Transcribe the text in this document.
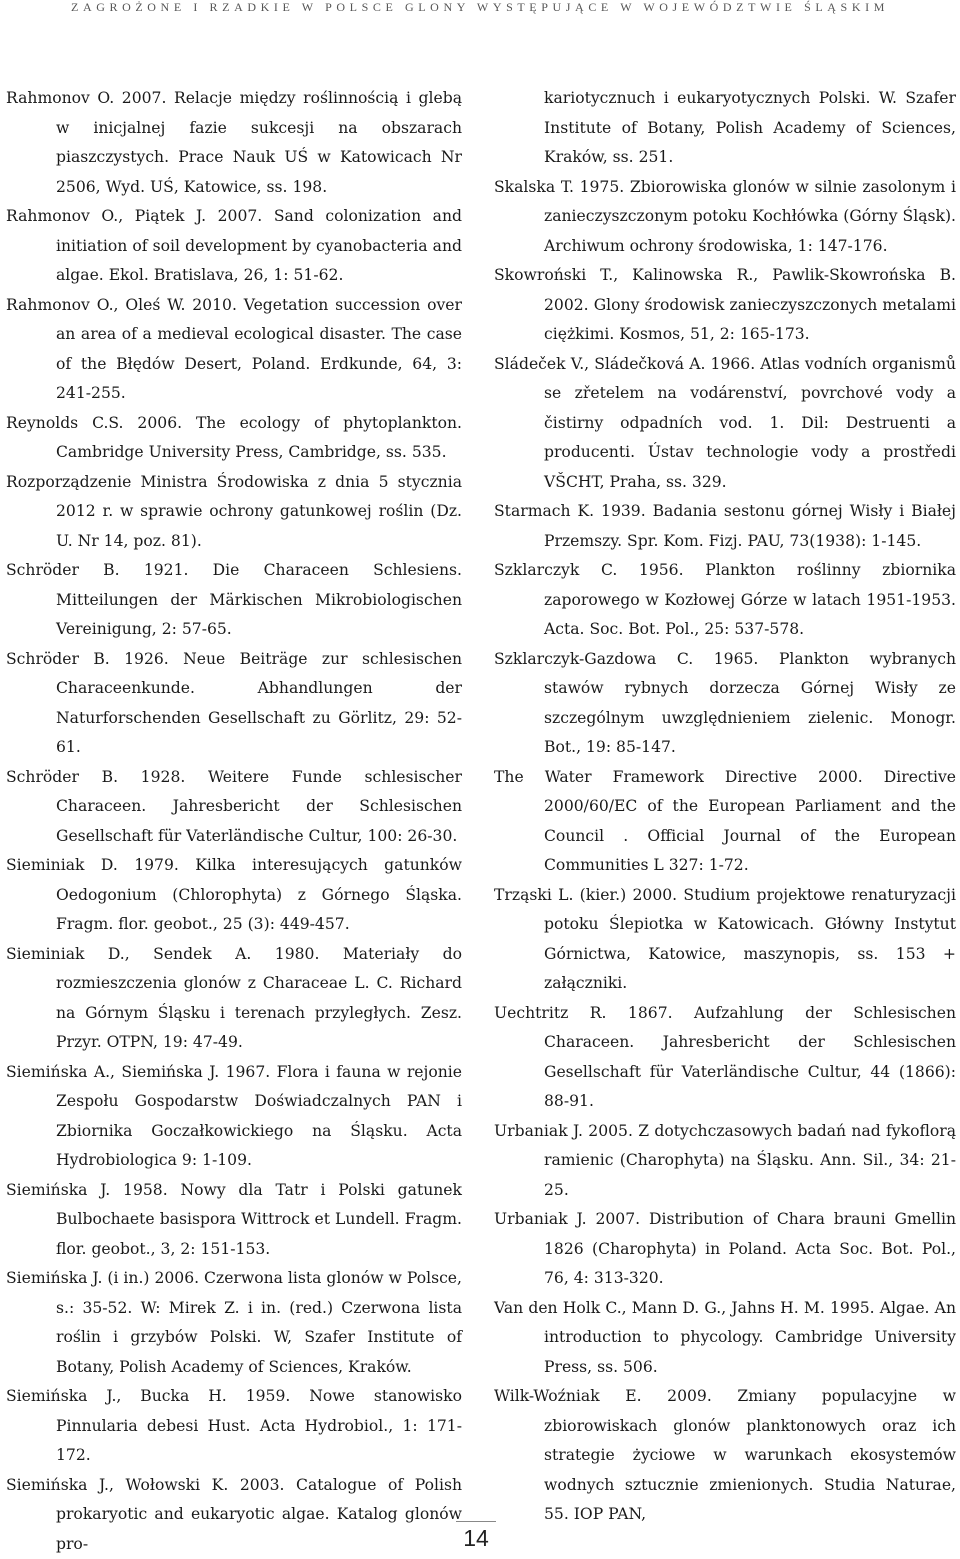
ZAGROŻONE I RZADKIE W POLSCE GLONY WYSTĘPUJĄCE W WOJEWÓDZTWIE ŚLĄSKIM

Rahmonov O. 2007. Relacje między roślinnością i glebą w inicjalnej fazie sukcesji na obszarach piaszczystych. Prace Nauk UŚ w Katowicach Nr 2506, Wyd. UŚ, Katowice, ss. 198.

Rahmonov O., Piątek J. 2007. Sand colonization and initiation of soil development by cyanobacteria and algae. Ekol. Bratislava, 26, 1: 51-62.

Rahmonov O., Oleś W. 2010. Vegetation succession over an area of a medieval ecological disaster. The case of the Błędów Desert, Poland. Erdkunde, 64, 3: 241-255.

Reynolds C.S. 2006. The ecology of phytoplankton. Cambridge University Press, Cambridge, ss. 535.

Rozporządzenie Ministra Środowiska z dnia 5 stycznia 2012 r. w sprawie ochrony gatunkowej roślin (Dz. U. Nr 14, poz. 81).

Schröder B. 1921. Die Characeen Schlesiens. Mitteilungen der Märkischen Mikrobiologischen Vereinigung, 2: 57-65.

Schröder B. 1926. Neue Beiträge zur schlesischen Characeenkunde. Abhandlungen der Naturforschenden Gesellschaft zu Görlitz, 29: 52-61.

Schröder B. 1928. Weitere Funde schlesischer Characeen. Jahresbericht der Schlesischen Gesellschaft für Vaterländische Cultur, 100: 26-30.

Sieminiak D. 1979. Kilka interesujących gatunków Oedogonium (Chlorophyta) z Górnego Śląska. Fragm. flor. geobot., 25 (3): 449-457.

Sieminiak D., Sendek A. 1980. Materiały do rozmieszczenia glonów z Characeae L. C. Richard na Górnym Śląsku i terenach przyległych. Zesz. Przyr. OTPN, 19: 47-49.

Siemińska A., Siemińska J. 1967. Flora i fauna w rejonie Zespołu Gospodarstw Doświadczalnych PAN i Zbiornika Goczałkowickiego na Śląsku. Acta Hydrobiologica 9: 1-109.

Siemińska J. 1958. Nowy dla Tatr i Polski gatunek Bulbochaete basispora Wittrock et Lundell. Fragm. flor. geobot., 3, 2: 151-153.

Siemińska J. (i in.) 2006. Czerwona lista glonów w Polsce, s.: 35-52. W: Mirek Z. i in. (red.) Czerwona lista roślin i grzybów Polski. W, Szafer Institute of Botany, Polish Academy of Sciences, Kraków.

Siemińska J., Bucka H. 1959. Nowe stanowisko Pinnularia debesi Hust. Acta Hydrobiol., 1: 171-172.

Siemińska J., Wołowski K. 2003. Catalogue of Polish prokaryotic and eukaryotic algae. Katalog glonów pro-

kariotycznuch i eukaryotycznych Polski. W. Szafer Institute of Botany, Polish Academy of Sciences, Kraków, ss. 251.

Skalska T. 1975. Zbiorowiska glonów w silnie zasolonym i zanieczyszczonym potoku Kochłówka (Górny Śląsk). Archiwum ochrony środowiska, 1: 147-176.

Skowroński T., Kalinowska R., Pawlik-Skowrońska B. 2002. Glony środowisk zanieczyszczonych metalami ciężkimi. Kosmos, 51, 2: 165-173.

Sládeček V., Sládečková A. 1966. Atlas vodních organismů se zřetelem na vodárenství, povrchové vody a čistirny odpadních vod. 1. Dil: Destruenti a producenti. Ústav technologie vody a prostředi VŠCHT, Praha, ss. 329.

Starmach K. 1939. Badania sestonu górnej Wisły i Białej Przemszy. Spr. Kom. Fizj. PAU, 73(1938): 1-145.

Szklarczyk C. 1956. Plankton roślinny zbiornika zaporowego w Kozłowej Górze w latach 1951-1953. Acta. Soc. Bot. Pol., 25: 537-578.

Szklarczyk-Gazdowa C. 1965. Plankton wybranych stawów rybnych dorzecza Górnej Wisły ze szczególnym uwzględnieniem zielenic. Monogr. Bot., 19: 85-147.

The Water Framework Directive 2000. Directive 2000/60/EC of the European Parliament and the Council . Official Journal of the European Communities L 327: 1-72.

Trząski L. (kier.) 2000. Studium projektowe renaturyzacji potoku Ślepiotka w Katowicach. Główny Instytut Górnictwa, Katowice, maszynopis, ss. 153 + załączniki.

Uechtritz R. 1867. Aufzahlung der Schlesischen Characeen. Jahresbericht der Schlesischen Gesellschaft für Vaterländische Cultur, 44 (1866): 88-91.

Urbaniak J. 2005. Z dotychczasowych badań nad fykoflorą ramienic (Charophyta) na Śląsku. Ann. Sil., 34: 21-25.

Urbaniak J. 2007. Distribution of Chara brauni Gmellin 1826 (Charophyta) in Poland. Acta Soc. Bot. Pol., 76, 4: 313-320.

Van den Holk C., Mann D. G., Jahns H. M. 1995. Algae. An introduction to phycology. Cambridge University Press, ss. 506.

Wilk-Woźniak E. 2009. Zmiany populacyjne w zbiorowiskach glonów planktonowych oraz ich strategie życiowe w warunkach ekosystemów wodnych sztucznie zmienionych. Studia Naturae, 55. IOP PAN,

14
